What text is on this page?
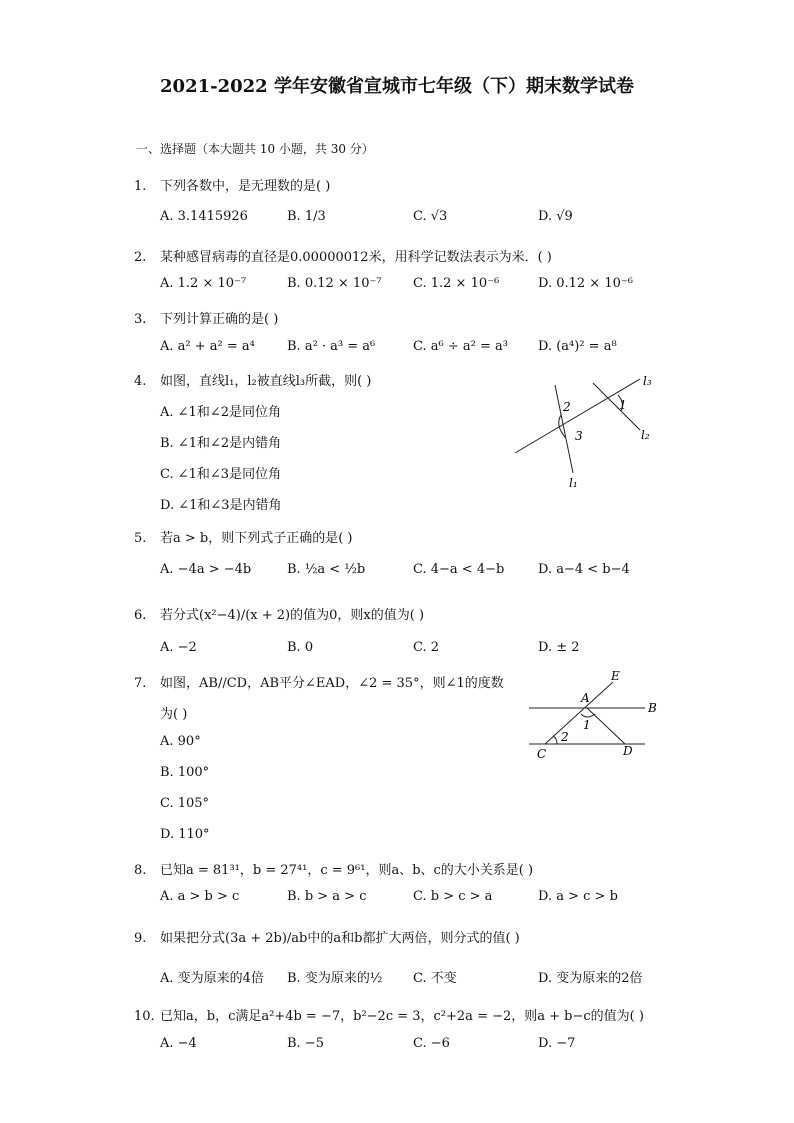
2021-2022 学年安徽省宣城市七年级（下）期末数学试卷
一、选择题（本大题共 10 小题，共 30 分）
1. 下列各数中，是无理数的是( )
A. 3.1415926	B. 1/3	C. √3	D. √9
2. 某种感冒病毒的直径是0.00000012米，用科学记数法表示为米．( )
A. 1.2 × 10⁻⁷	B. 0.12 × 10⁻⁷ C. 1.2 × 10⁻⁶	D. 0.12 × 10⁻⁶
3. 下列计算正确的是( )
A. a² + a² = a⁴ B. a² · a³ = a⁶	C. a⁶ ÷ a² = a³ D. (a⁴)² = a⁸
4. 如图，直线l₁，l₂被直线l₃所截，则( )
A. ∠1和∠2是同位角
B. ∠1和∠2是内错角
C. ∠1和∠3是同位角
D. ∠1和∠3是内错角
l₃
l₂
l₁
1
2
3
5. 若a > b，则下列式子正确的是( )
A. −4a > −4b	B. ½a < ½b	C. 4−a < 4−b	D. a−4 < b−4
6. 若分式(x²−4)/(x + 2)的值为0，则x的值为( )
A. −2	B. 0	C. 2	D. ± 2
7. 如图，AB//CD，AB平分∠EAD，∠2 = 35°，则∠1的度数
为( )
A. 90°
B. 100°
C. 105°
D. 110°
E
A
B
1
2
C	D
8. 已知a = 81³¹，b = 27⁴¹，c = 9⁶¹，则a、b、c的大小关系是( )
A. a > b > c	B. b > a > c	C. b > c > a	D. a > c > b
9. 如果把分式(3a + 2b)/ab中的a和b都扩大两倍，则分式的值( )
A. 变为原来的4倍 B. 变为原来的½ C. 不变	D. 变为原来的2倍
10. 已知a，b，c满足a²+4b = −7，b²−2c = 3，c²+2a = −2，则a + b−c的值为( )
A. −4	B. −5	C. −6	D. −7
